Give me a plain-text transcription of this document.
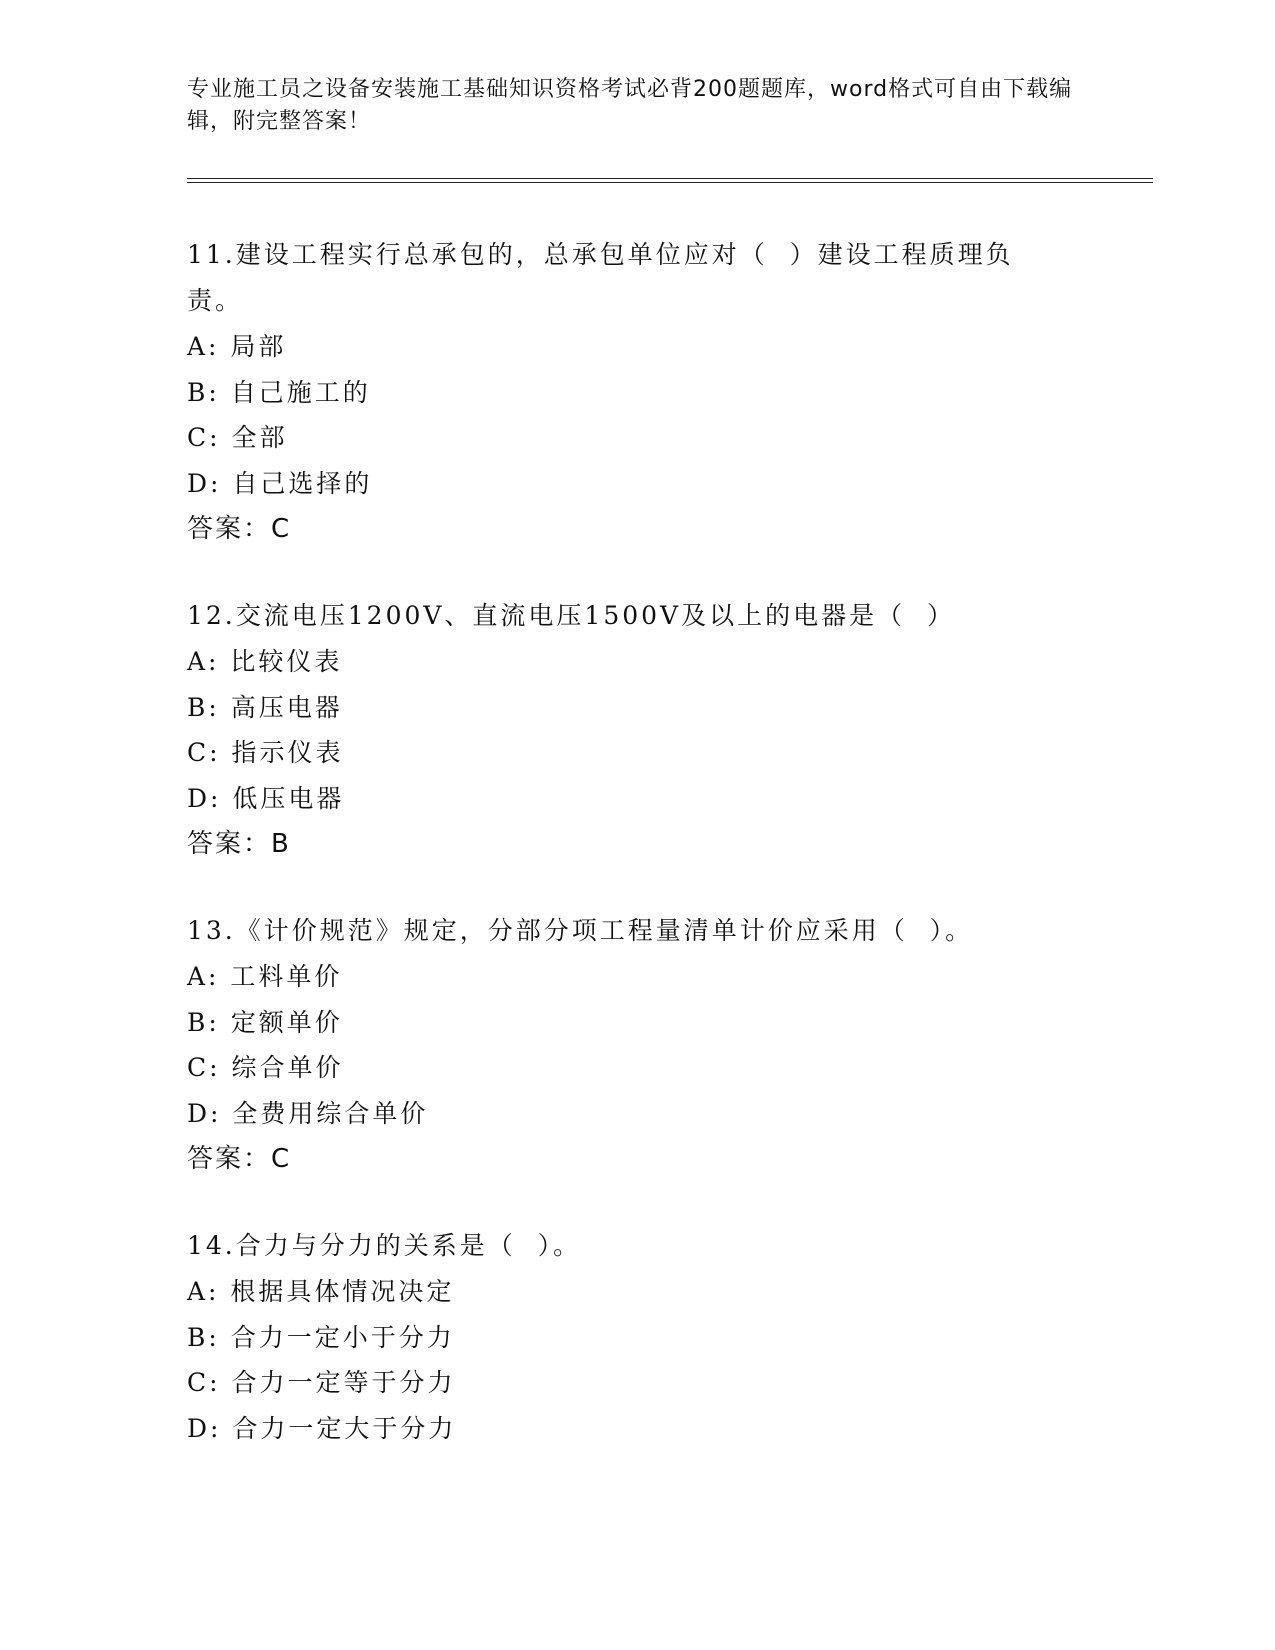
专业施工员之设备安装施工基础知识资格考试必背200题题库，word格式可自由下载编辑，附完整答案！
11.建设工程实行总承包的，总承包单位应对（  ）建设工程质理负责。
A: 局部
B: 自己施工的
C: 全部
D: 自己选择的
答案：C
12.交流电压1200V、直流电压1500V及以上的电器是（  ）
A: 比较仪表
B: 高压电器
C: 指示仪表
D: 低压电器
答案：B
13.《计价规范》规定，分部分项工程量清单计价应采用（  ）。
A: 工料单价
B: 定额单价
C: 综合单价
D: 全费用综合单价
答案：C
14.合力与分力的关系是（  ）。
A: 根据具体情况决定
B: 合力一定小于分力
C: 合力一定等于分力
D: 合力一定大于分力
